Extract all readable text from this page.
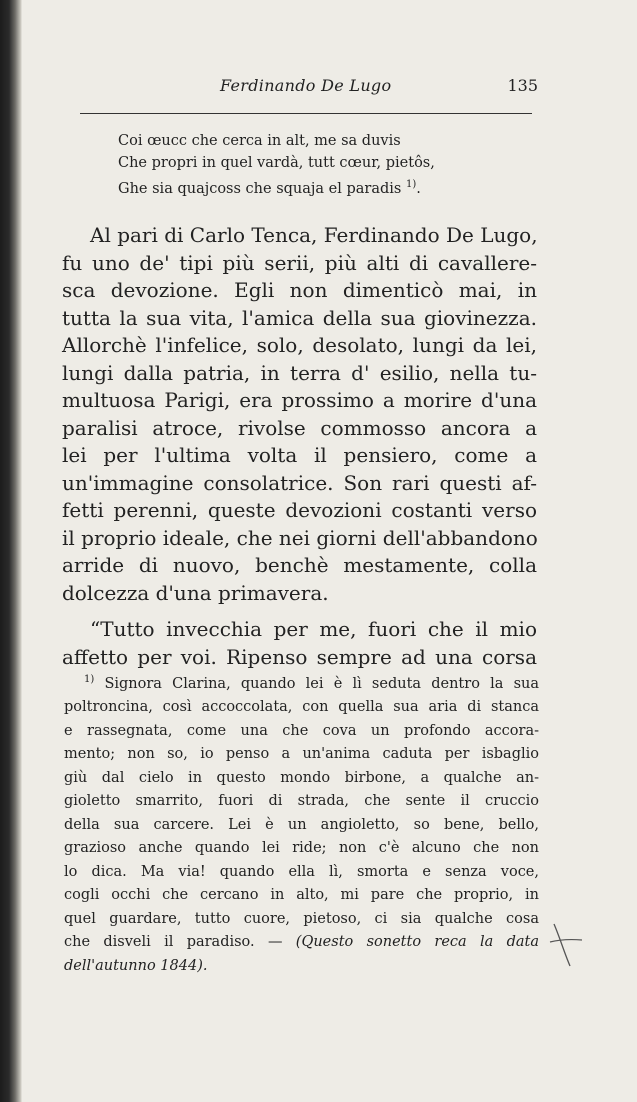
Ferdinando De Lugo	135
Coi œucc che cerca in alt, me sa duvis
Che propri in quel vardà, tutt cœur, pietôs,
Ghe sia quajcoss che squaja el paradis $^{1)}$.
Al pari di Carlo Tenca, Ferdinando De Lugo,
fu uno de' tipi più serii, più alti di cavallere-
sca devozione. Egli non dimenticò mai, in
tutta la sua vita, l'amica della sua giovinezza.
Allorchè l'infelice, solo, desolato, lungi da lei,
lungi dalla patria, in terra d' esilio, nella tu-
multuosa Parigi, era prossimo a morire d'una
paralisi atroce, rivolse commosso ancora a
lei per l'ultima volta il pensiero, come a
un'immagine consolatrice. Son rari questi af-
fetti perenni, queste devozioni costanti verso
il proprio ideale, che nei giorni dell'abbandono
arride di nuovo, benchè mestamente, colla
dolcezza d'una primavera.
“Tutto invecchia per me, fuori che il mio
affetto per voi. Ripenso sempre ad una corsa
$^{1)}$ Signora Clarina, quando lei è lì seduta dentro la sua
poltroncina, così accoccolata, con quella sua aria di stanca
e rassegnata, come una che cova un profondo accora-
mento; non so, io penso a un'anima caduta per isbaglio
giù dal cielo in questo mondo birbone, a qualche an-
gioletto smarrito, fuori di strada, che sente il cruccio
della sua carcere. Lei è un angioletto, so bene, bello,
grazioso anche quando lei ride; non c'è alcuno che non
lo dica. Ma via! quando ella lì, smorta e senza voce,
cogli occhi che cercano in alto, mi pare che proprio, in
quel guardare, tutto cuore, pietoso, ci sia qualche cosa
che disveli il paradiso. — (Questo sonetto reca la data
dell'autunno 1844).
